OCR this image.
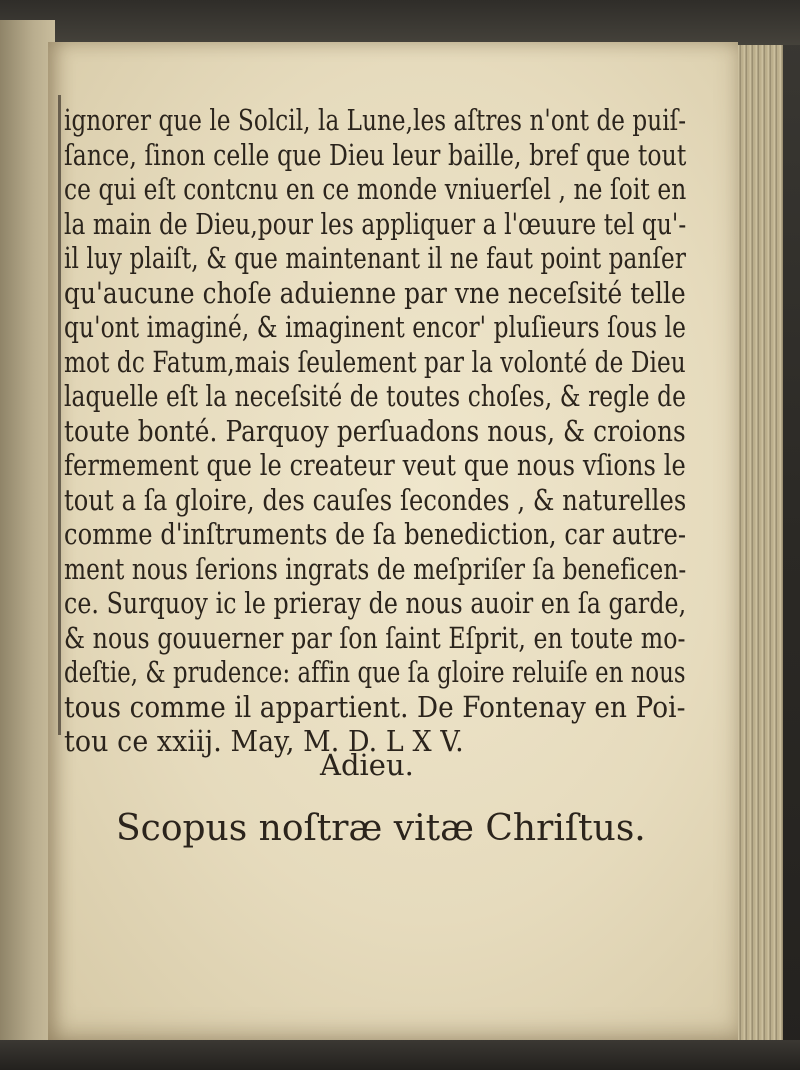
ignorer que le Solcil, la Lune,les aſtres n'ont de puiſ-
ſance, ſinon celle que Dieu leur baille, bref que tout
ce qui eſt contcnu en ce monde vniuerſel , ne ſoit en
la main de Dieu,pour les appliquer a l'œuure tel qu'-
il luy plaiſt, & que maintenant il ne faut point panſer
qu'aucune choſe aduienne par vne neceſsité telle
qu'ont imaginé, & imaginent encor' pluſieurs ſous le
mot dc Fatum,mais ſeulement par la volonté de Dieu
laquelle eſt la neceſsité de toutes choſes, & regle de
toute bonté. Parquoy perſuadons nous, & croions
fermement que le createur veut que nous vſions le
tout a ſa gloire, des cauſes ſecondes , & naturelles
comme d'inſtruments de ſa benediction, car autre-
ment nous ſerions ingrats de meſpriſer ſa beneficen-
ce. Surquoy ic le prieray de nous auoir en ſa garde,
& nous gouuerner par ſon ſaint Eſprit, en toute mo-
deſtie, & prudence: affin que ſa gloire reluiſe en nous
tous comme il appartient. De Fontenay en Poi-
tou ce xxiij. May, M. D. L X V.
Adieu.
Scopus noſtræ vitæ Chriſtus.
